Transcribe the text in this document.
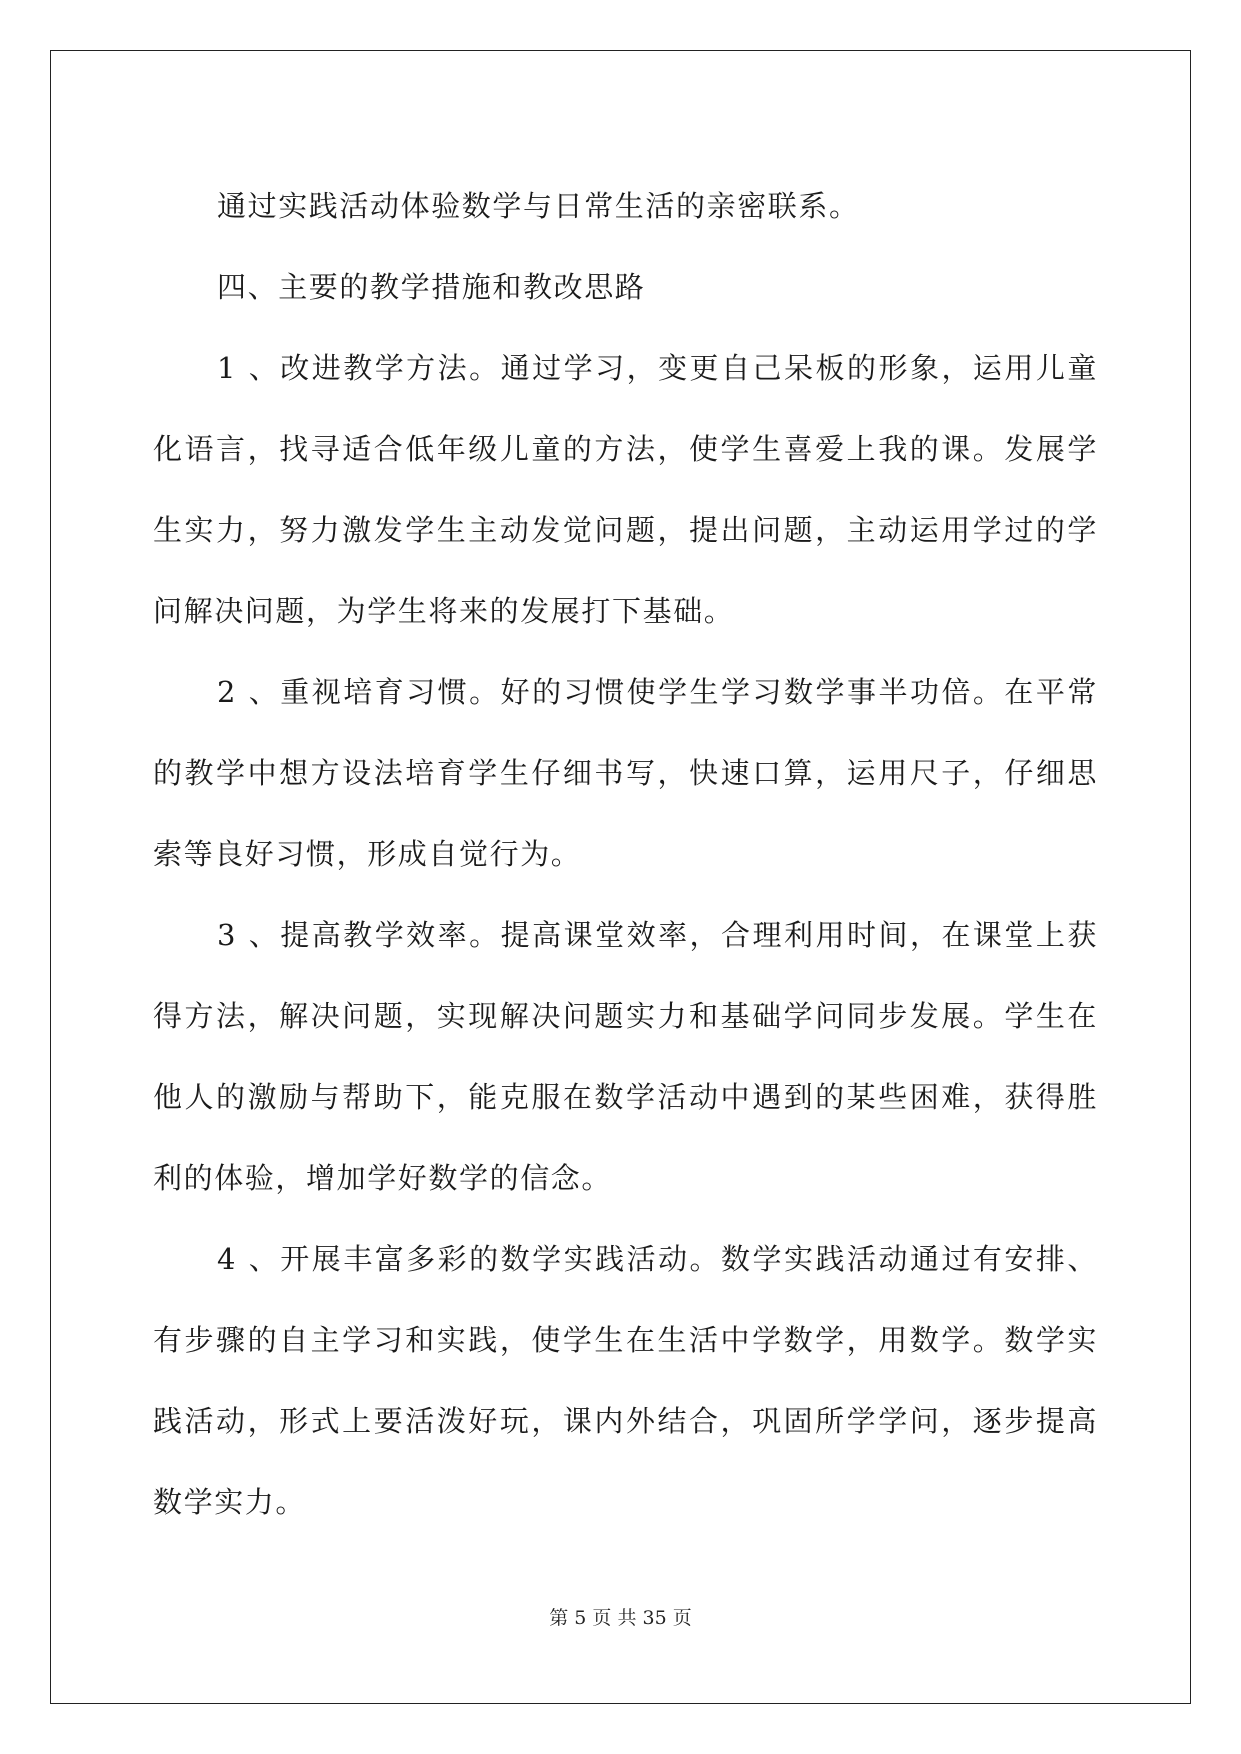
通过实践活动体验数学与日常生活的亲密联系。

四、主要的教学措施和教改思路

1 、改进教学方法。通过学习，变更自己呆板的形象，运用儿童化语言，找寻适合低年级儿童的方法，使学生喜爱上我的课。发展学生实力，努力激发学生主动发觉问题，提出问题，主动运用学过的学问解决问题，为学生将来的发展打下基础。

2 、重视培育习惯。好的习惯使学生学习数学事半功倍。在平常的教学中想方设法培育学生仔细书写，快速口算，运用尺子，仔细思索等良好习惯，形成自觉行为。

3 、提高教学效率。提高课堂效率，合理利用时间，在课堂上获得方法，解决问题，实现解决问题实力和基础学问同步发展。学生在他人的激励与帮助下，能克服在数学活动中遇到的某些困难，获得胜利的体验，增加学好数学的信念。

4 、开展丰富多彩的数学实践活动。数学实践活动通过有安排、有步骤的自主学习和实践，使学生在生活中学数学，用数学。数学实践活动，形式上要活泼好玩，课内外结合，巩固所学学问，逐步提高数学实力。

第 5 页 共 35 页
